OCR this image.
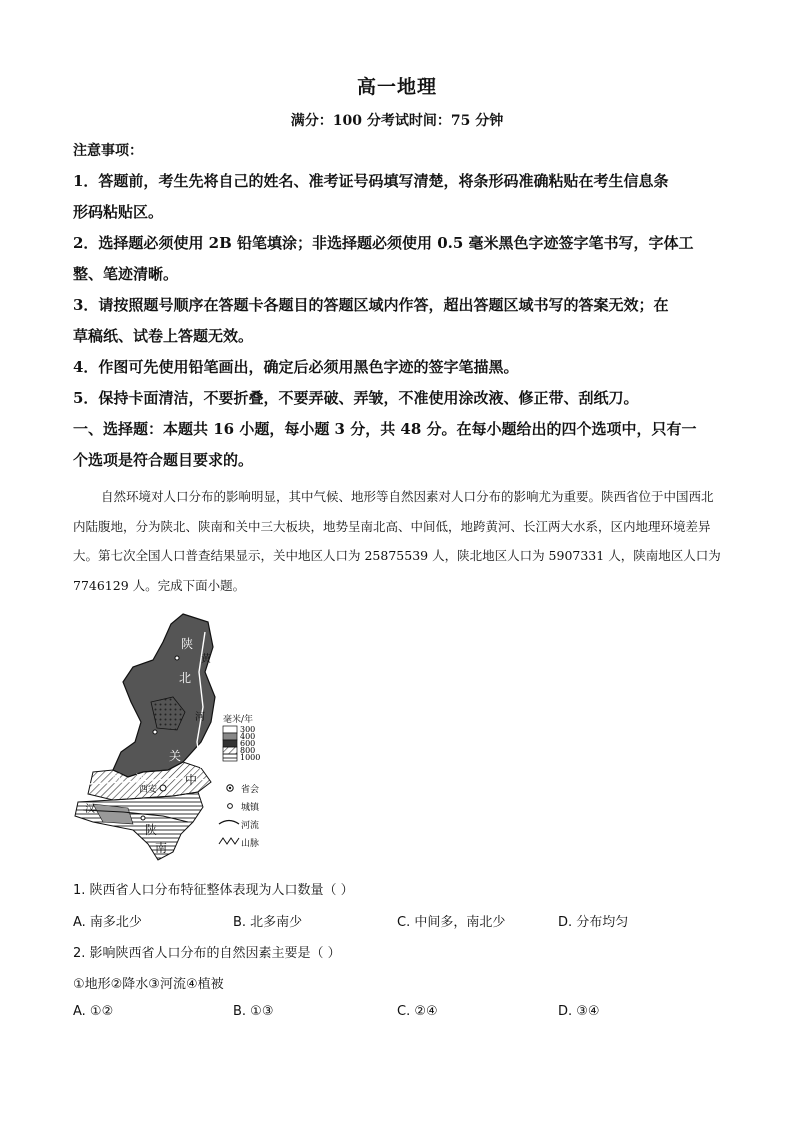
高一地理
满分：100 分考试时间：75 分钟
注意事项：
1．答题前，考生先将自己的姓名、准考证号码填写清楚，将条形码准确粘贴在考生信息条
形码粘贴区。
2．选择题必须使用 2B 铅笔填涂；非选择题必须使用 0.5 毫米黑色字迹签字笔书写，字体工
整、笔迹清晰。
3．请按照题号顺序在答题卡各题目的答题区域内作答，超出答题区域书写的答案无效；在
草稿纸、试卷上答题无效。
4．作图可先使用铅笔画出，确定后必须用黑色字迹的签字笔描黑。
5．保持卡面清洁，不要折叠，不要弄破、弄皱，不准使用涂改液、修正带、刮纸刀。
一、选择题：本题共 16 小题，每小题 3 分，共 48 分。在每小题给出的四个选项中，只有一
个选项是符合题目要求的。
自然环境对人口分布的影响明显，其中气候、地形等自然因素对人口分布的影响尤为重要。陕西省位于中国西北内陆腹地，分为陕北、陕南和关中三大板块，地势呈南北高、中间低，地跨黄河、长江两大水系，区内地理环境差异大。第七次全国人口普查结果显示，关中地区人口为 25875539 人，陕北地区人口为 5907331 人，陕南地区人口为 7746129 人。完成下面小题。
陕
北
关
中
陕
南
黄
河
渭 河
汉
西安
毫米/年
300
400
600
800
1000
省会
城镇
河流
山脉
1. 陕西省人口分布特征整体表现为人口数量（ ）
A. 南多北少	B. 北多南少	C. 中间多，南北少	D. 分布均匀
2. 影响陕西省人口分布的自然因素主要是（ ）
①地形②降水③河流④植被
A. ①②	B. ①③	C. ②④	D. ③④
